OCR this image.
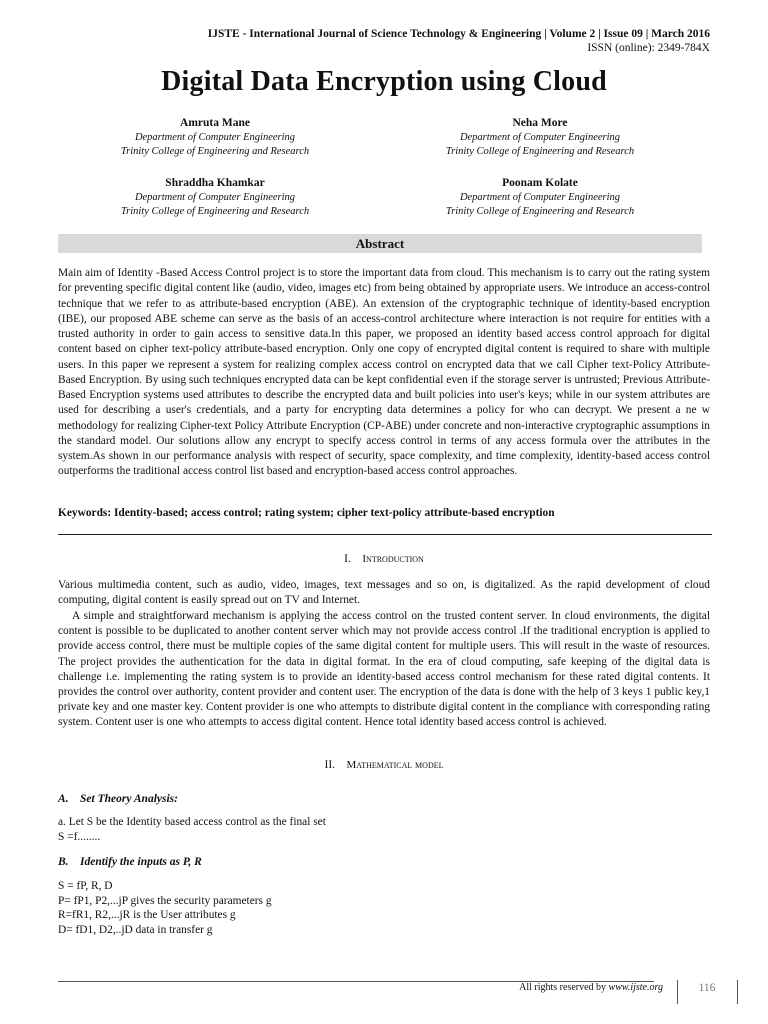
IJSTE - International Journal of Science Technology & Engineering | Volume 2 | Issue 09 | March 2016
ISSN (online): 2349-784X
Digital Data Encryption using Cloud
Amruta Mane
Department of Computer Engineering
Trinity College of Engineering and Research
Neha More
Department of Computer Engineering
Trinity College of Engineering and Research
Shraddha Khamkar
Department of Computer Engineering
Trinity College of Engineering and Research
Poonam Kolate
Department of Computer Engineering
Trinity College of Engineering and Research
Abstract
Main aim of Identity -Based Access Control project is to store the important data from cloud. This mechanism is to carry out the rating system for preventing specific digital content like (audio, video, images etc) from being obtained by appropriate users. We introduce an access-control technique that we refer to as attribute-based encryption (ABE). An extension of the cryptographic technique of identity-based encryption (IBE), our proposed ABE scheme can serve as the basis of an access-control architecture where interaction is not require for entities with a trusted authority in order to gain access to sensitive data.In this paper, we proposed an identity based access control approach for digital content based on cipher text-policy attribute-based encryption. Only one copy of encrypted digital content is required to share with multiple users. In this paper we represent a system for realizing complex access control on encrypted data that we call Cipher text-Policy Attribute-Based Encryption. By using such techniques encrypted data can be kept confidential even if the storage server is untrusted; Previous Attribute- Based Encryption systems used attributes to describe the encrypted data and built policies into user's keys; while in our system attributes are used for describing a user's credentials, and a party for encrypting data determines a policy for who can decrypt. We present a ne w methodology for realizing Cipher-text Policy Attribute Encryption (CP-ABE) under concrete and non-interactive cryptographic assumptions in the standard model. Our solutions allow any encrypt to specify access control in terms of any access formula over the attributes in the system.As shown in our performance analysis with respect of security, space complexity, and time complexity, identity-based access control outperforms the traditional access control list based and encryption-based access control approaches.
Keywords: Identity-based; access control; rating system; cipher text-policy attribute-based encryption
I. Introduction
Various multimedia content, such as audio, video, images, text messages and so on, is digitalized. As the rapid development of cloud computing, digital content is easily spread out on TV and Internet.
A simple and straightforward mechanism is applying the access control on the trusted content server. In cloud environments, the digital content is possible to be duplicated to another content server which may not provide access control .If the traditional encryption is applied to provide access control, there must be multiple copies of the same digital content for multiple users. This will result in the waste of resources. The project provides the authentication for the data in digital format. In the era of cloud computing, safe keeping of the digital data is challenge i.e. implementing the rating system is to provide an identity-based access control mechanism for these rated digital contents. It provides the control over authority, content provider and content user. The encryption of the data is done with the help of 3 keys 1 public key,1 private key and one master key. Content provider is one who attempts to distribute digital content in the compliance with corresponding rating system. Content user is one who attempts to access digital content. Hence total identity based access control is achieved.
II. Mathematical model
A. Set Theory Analysis:
a. Let S be the Identity based access control as the final set
S =f........
B. Identify the inputs as P, R
S = fP, R, D
P= fP1, P2,...jP gives the security parameters g
R=fR1, R2,...jR is the User attributes g
D= fD1, D2,..jD data in transfer g
All rights reserved by www.ijste.org	116
